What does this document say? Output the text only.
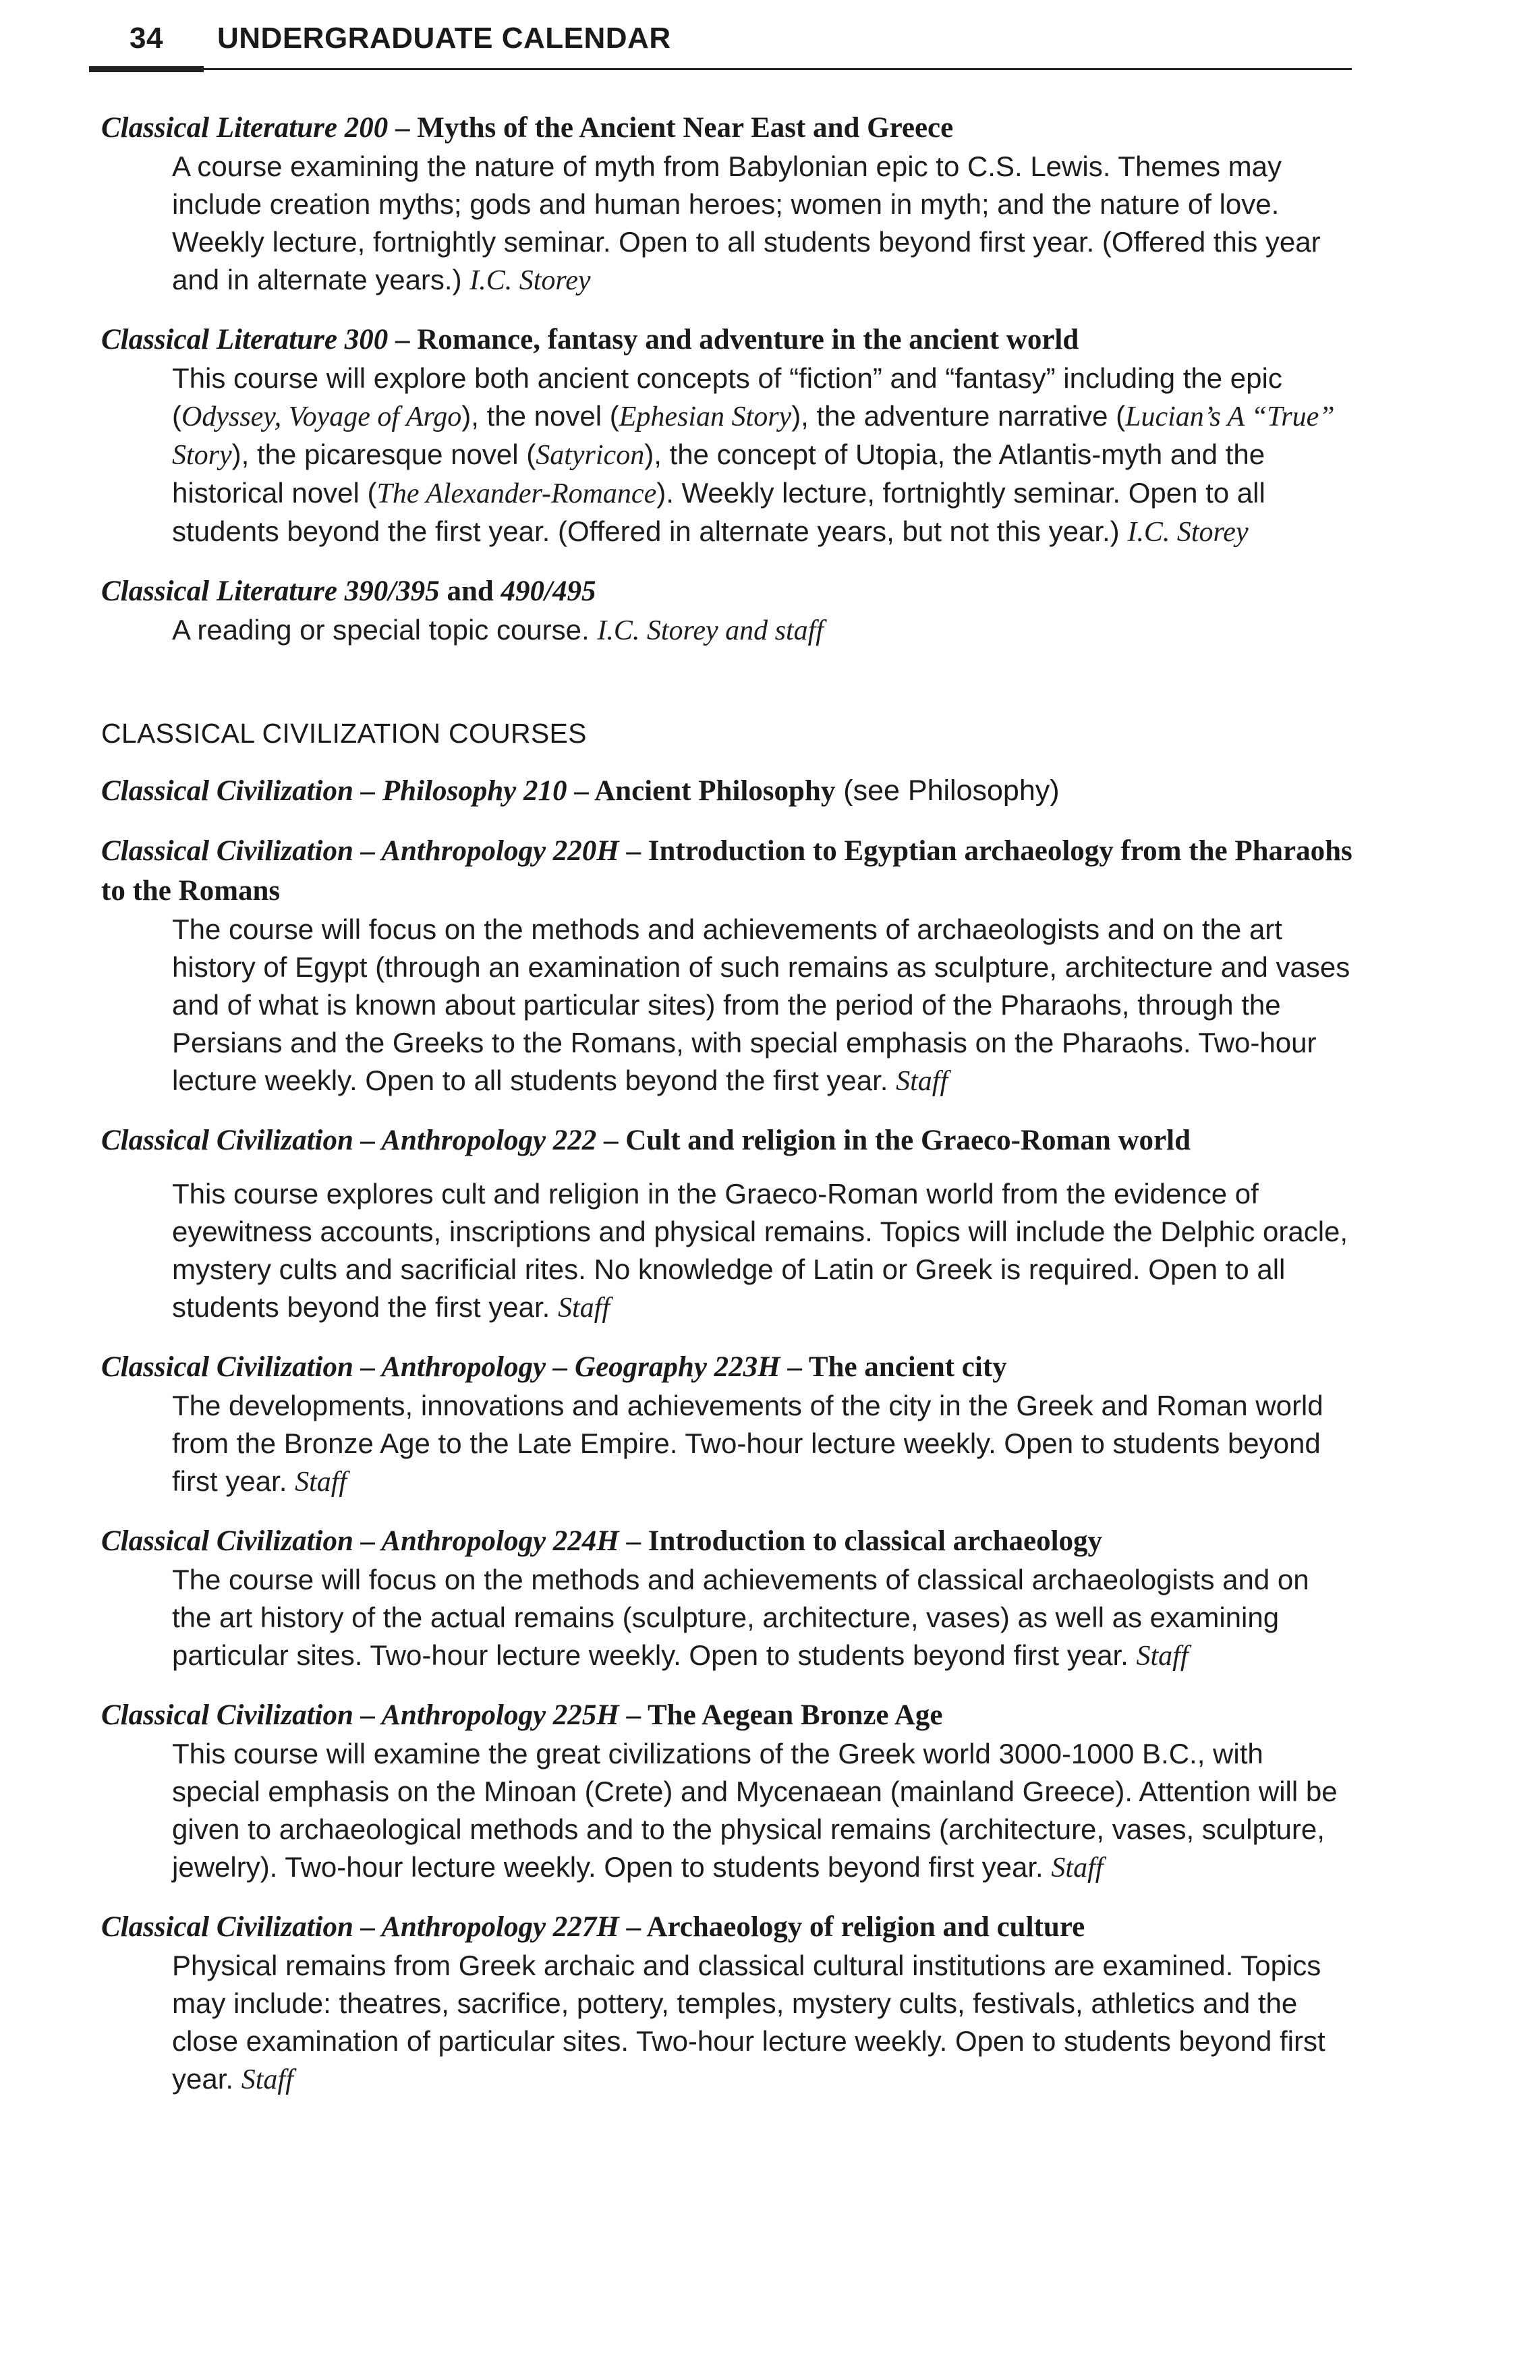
34 UNDERGRADUATE CALENDAR
Classical Literature 200 – Myths of the Ancient Near East and Greece
A course examining the nature of myth from Babylonian epic to C.S. Lewis. Themes may include creation myths; gods and human heroes; women in myth; and the nature of love. Weekly lecture, fortnightly seminar. Open to all students beyond first year. (Offered this year and in alternate years.) I.C. Storey
Classical Literature 300 – Romance, fantasy and adventure in the ancient world
This course will explore both ancient concepts of “fiction” and “fantasy” including the epic (Odyssey, Voyage of Argo), the novel (Ephesian Story), the adventure narrative (Lucian’s A “True” Story), the picaresque novel (Satyricon), the concept of Utopia, the Atlantis-myth and the historical novel (The Alexander-Romance). Weekly lecture, fortnightly seminar. Open to all students beyond the first year. (Offered in alternate years, but not this year.) I.C. Storey
Classical Literature 390/395 and 490/495
A reading or special topic course. I.C. Storey and staff
CLASSICAL CIVILIZATION COURSES
Classical Civilization – Philosophy 210 – Ancient Philosophy (see Philosophy)
Classical Civilization – Anthropology 220H – Introduction to Egyptian archaeology from the Pharaohs to the Romans
The course will focus on the methods and achievements of archaeologists and on the art history of Egypt (through an examination of such remains as sculpture, architecture and vases and of what is known about particular sites) from the period of the Pharaohs, through the Persians and the Greeks to the Romans, with special emphasis on the Pharaohs. Two-hour lecture weekly. Open to all students beyond the first year. Staff
Classical Civilization – Anthropology 222 – Cult and religion in the Graeco-Roman world
This course explores cult and religion in the Graeco-Roman world from the evidence of eyewitness accounts, inscriptions and physical remains. Topics will include the Delphic oracle, mystery cults and sacrificial rites. No knowledge of Latin or Greek is required. Open to all students beyond the first year. Staff
Classical Civilization – Anthropology – Geography 223H – The ancient city
The developments, innovations and achievements of the city in the Greek and Roman world from the Bronze Age to the Late Empire. Two-hour lecture weekly. Open to students beyond first year. Staff
Classical Civilization – Anthropology 224H – Introduction to classical archaeology
The course will focus on the methods and achievements of classical archaeologists and on the art history of the actual remains (sculpture, architecture, vases) as well as examining particular sites. Two-hour lecture weekly. Open to students beyond first year. Staff
Classical Civilization – Anthropology 225H – The Aegean Bronze Age
This course will examine the great civilizations of the Greek world 3000-1000 B.C., with special emphasis on the Minoan (Crete) and Mycenaean (mainland Greece). Attention will be given to archaeological methods and to the physical remains (architecture, vases, sculpture, jewelry). Two-hour lecture weekly. Open to students beyond first year. Staff
Classical Civilization – Anthropology 227H – Archaeology of religion and culture
Physical remains from Greek archaic and classical cultural institutions are examined. Topics may include: theatres, sacrifice, pottery, temples, mystery cults, festivals, athletics and the close examination of particular sites. Two-hour lecture weekly. Open to students beyond first year. Staff
